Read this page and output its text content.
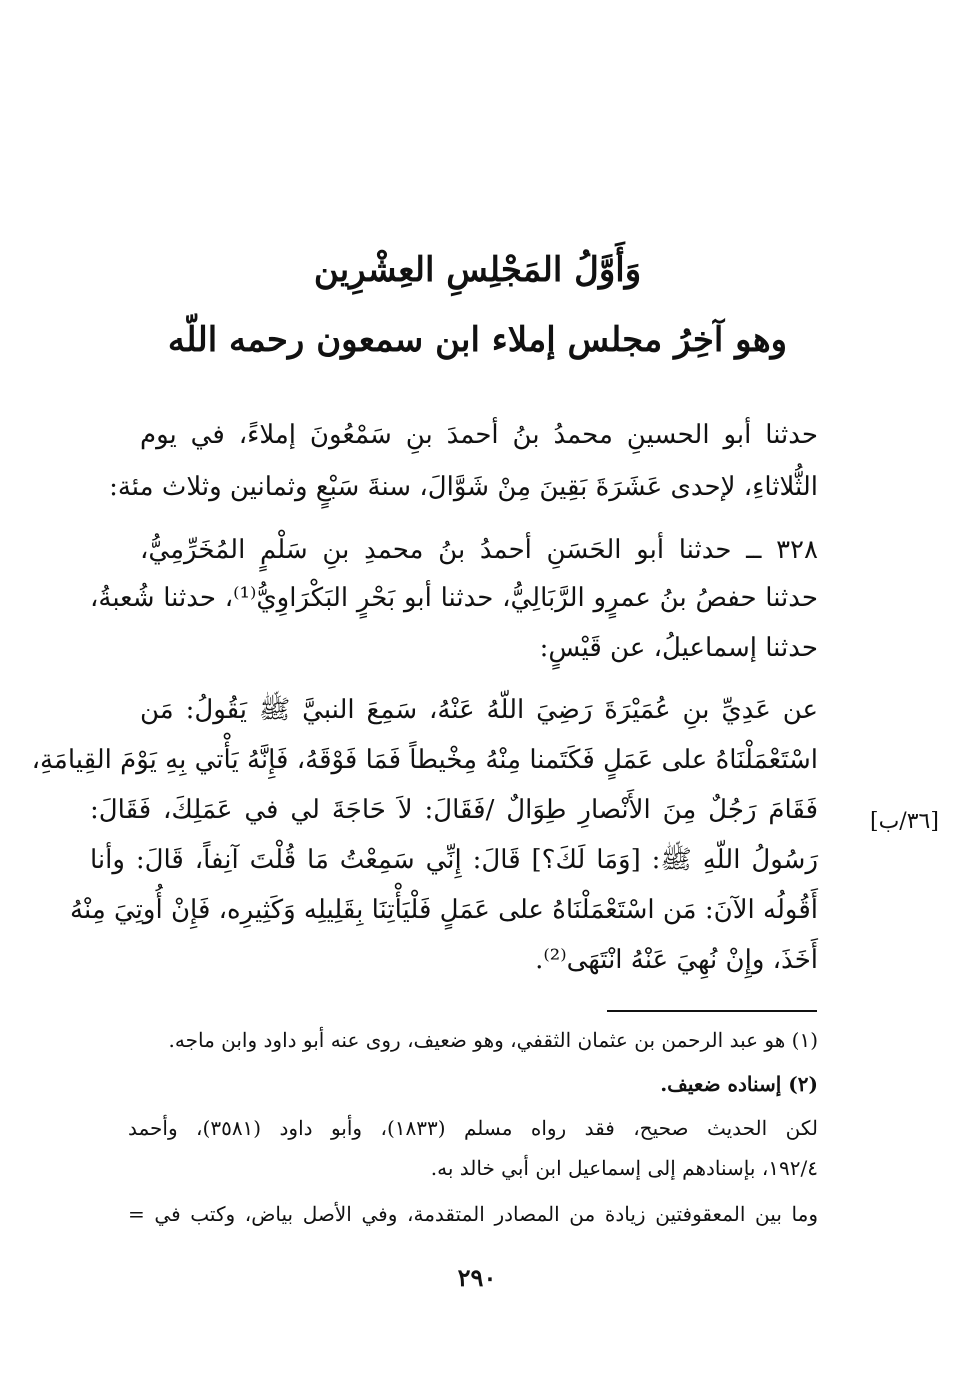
وَأَوَّلُ المَجْلِسِ العِشْرِين
وهو آخِرُ مجلس إملاء ابن سمعون رحمه اللّه
حدثنا أبو الحسينِ محمدُ بنُ أحمدَ بنِ سَمْعُونَ إملاءً، في يوم
الثُّلاثاءِ، لإحدى عَشَرَةَ بَقِينَ مِنْ شَوَّالَ، سنةَ سَبْعٍ وثمانين وثلاث مئة:
٣٢٨ ــ حدثنا أبو الحَسَنِ أحمدُ بنُ محمدِ بنِ سَلْمٍ المُخَرِّمِيُّ،
حدثنا حفصُ بنُ عمرٍو الرَّبَالِيُّ، حدثنا أبو بَحْرٍ البَكْرَاوِيُّ⁽¹⁾، حدثنا شُعبةُ،
حدثنا إسماعيلُ، عن قَيْسٍ:
عن عَدِيِّ بنِ عُمَيْرَةَ رَضِيَ اللّهُ عَنْهُ، سَمِعَ النبيَّ ﷺ يَقُولُ: مَن
اسْتَعْمَلْنَاهُ على عَمَلٍ فَكَتَمنا مِنْهُ مِخْيطاً فَمَا فَوْقَهُ، فَإِنَّهُ يَأْتي بِهِ يَوْمَ القِيامَةِ،
فَقَامَ رَجُلٌ مِنَ الأَنْصارِ طِوَالٌ /فَقَالَ: لاَ حَاجَةَ لي في عَمَلِكَ، فَقَالَ:
رَسُولُ اللّهِ ﷺ: [وَمَا لَكَ؟] قَالَ: إِنِّي سَمِعْتُ مَا قُلْتَ آنِفاً، قَالَ: وأنا
أَقُولُه الآنَ: مَن اسْتَعْمَلْنَاهُ على عَمَلٍ فَلْيَأْتِنَا بِقَلِيلِه وَكَثِيرِه، فَإِنْ أُوتِيَ مِنْهُ
أَخَذَ، وإِنْ نُهِيَ عَنْهُ انْتَهَى⁽²⁾.
[٣٦/ب]
(١) هو عبد الرحمن بن عثمان الثقفي، وهو ضعيف، روى عنه أبو داود وابن ماجه.
(٢) إسناده ضعيف.
لكن الحديث صحيح، فقد رواه مسلم (١٨٣٣)، وأبو داود (٣٥٨١)، وأحمد
١٩٢/٤، بإسنادهم إلى إسماعيل ابن أبي خالد به.
وما بين المعقوفتين زيادة من المصادر المتقدمة، وفي الأصل بياض، وكتب في =
٢٩٠
